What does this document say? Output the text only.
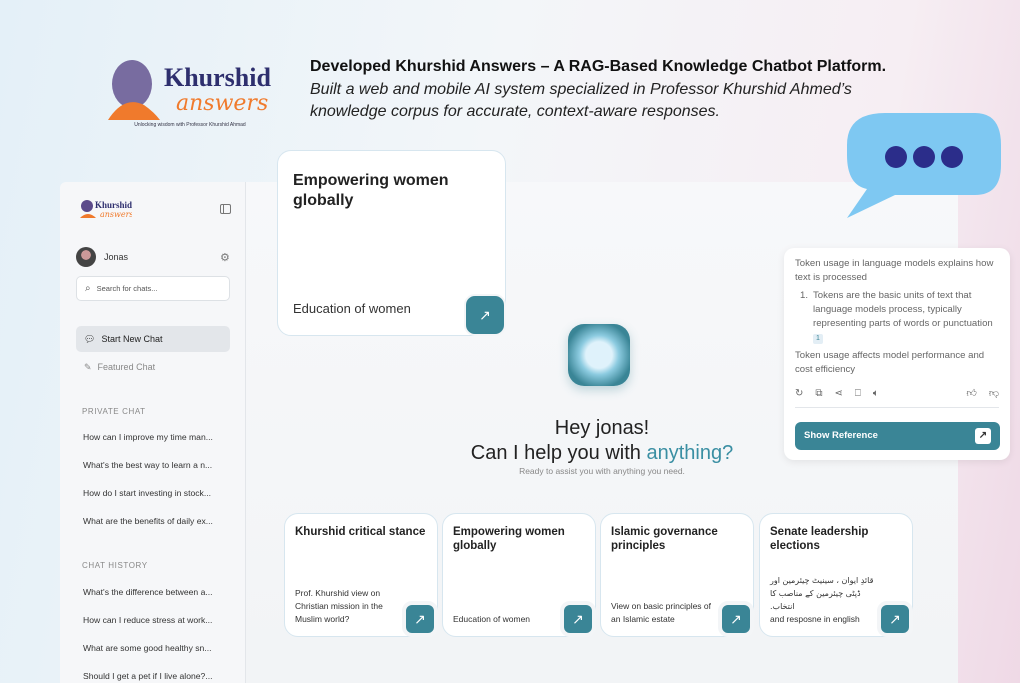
Khurshid
answers
Unlocking wisdom with Professor Khurshid Ahmad
Developed Khurshid Answers – A RAG-Based Knowledge Chatbot Platform.
Built a web and mobile AI system specialized in Professor Khurshid Ahmed’s knowledge corpus for accurate, context-aware responses.
Khurshid
answers
Jonas	⚙
⌕ Search for chats...
💬︎ Start New Chat
✎ Featured Chat
PRIVATE CHAT
How can I improve my time man...
What's the best way to learn a n...
How do I start investing in stock...
What are the benefits of daily ex...
CHAT HISTORY
What's the difference between a...
How can I reduce stress at work...
What are some good healthy sn...
Should I get a pet if I live alone?...
Hey jonas!
Can I help you with anything?
Ready to assist you with anything you need.
Empowering women globally
Education of women	↗
Khurshid critical stance
Prof. Khurshid view on Christian mission in the Muslim world?	↗
Empowering women globally
Education of women	↗
Islamic governance principles
View on basic principles of an Islamic estate	↗
Senate leadership elections
قائدِ ایوان ، سینیٹ چیئرمین اور ڈپٹی چیئرمین کے مناصب کا انتخاب.
and resposne in english	↗
Token usage in language models explains how text is processed
1. Tokens are the basic units of text that language models process, typically representing parts of words or punctuation 1
Token usage affects model performance and cost efficiency
↻ ⧉ ⋖ ⎕ 🔈︎	👍︎ 👎︎
Show Reference	↗
